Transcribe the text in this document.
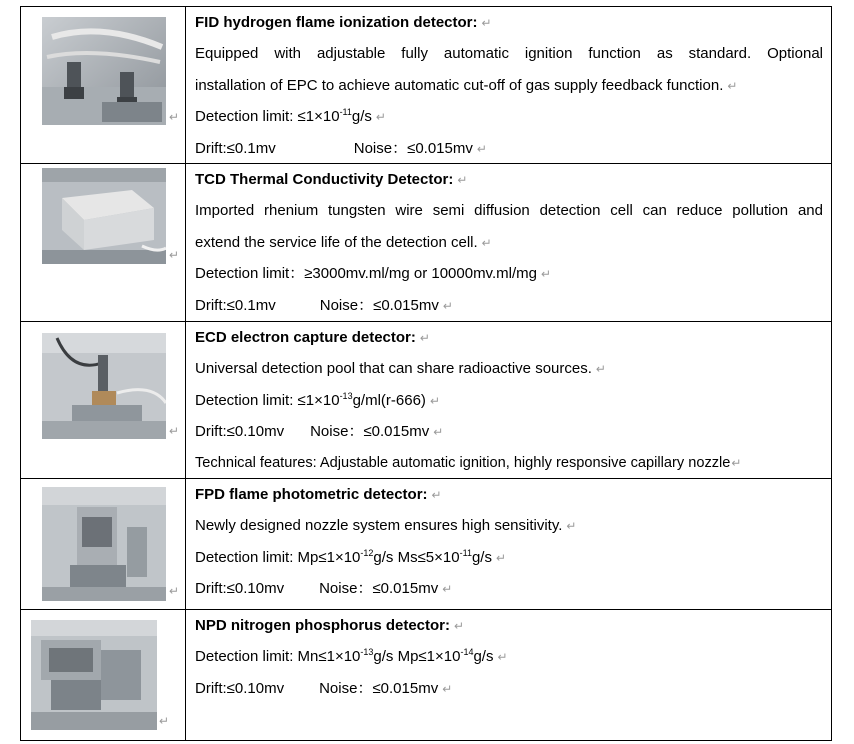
↵
FID hydrogen flame ionization detector: ↵
Equipped with adjustable fully automatic ignition function as standard. Optional
installation of EPC to achieve automatic cut-off of gas supply feedback function. ↵
Detection limit: $\le 1\times 10^{-11}g/s$ ↵
Drift:≤0.1mv	Noise：≤0.015mv ↵
↵
TCD Thermal Conductivity Detector: ↵
Imported rhenium tungsten wire semi diffusion detection cell can reduce pollution and
extend the service life of the detection cell. ↵
Detection limit：≥3000mv.ml/mg or 10000mv.ml/mg ↵
Drift:≤0.1mv	Noise：≤0.015mv ↵
↵
ECD electron capture detector: ↵
Universal detection pool that can share radioactive sources. ↵
Detection limit: $\le 1\times 10^{-13}g/ml(r-666)$ ↵
Drift:≤0.10mv Noise：≤0.015mv ↵
Technical features: Adjustable automatic ignition, highly responsive capillary nozzle↵
↵
FPD flame photometric detector: ↵
Newly designed nozzle system ensures high sensitivity. ↵
Detection limit: $Mp\le 1\times 10^{-12}g/s$ $Ms\le 5\times 10^{-11}g/s$ ↵
Drift:≤0.10mv Noise：≤0.015mv ↵
↵
NPD nitrogen phosphorus detector: ↵
Detection limit: $Mn\le 1\times 10^{-13}g/s$ $Mp\le 1\times 10^{-14}g/s$ ↵
Drift:≤0.10mv Noise：≤0.015mv ↵
